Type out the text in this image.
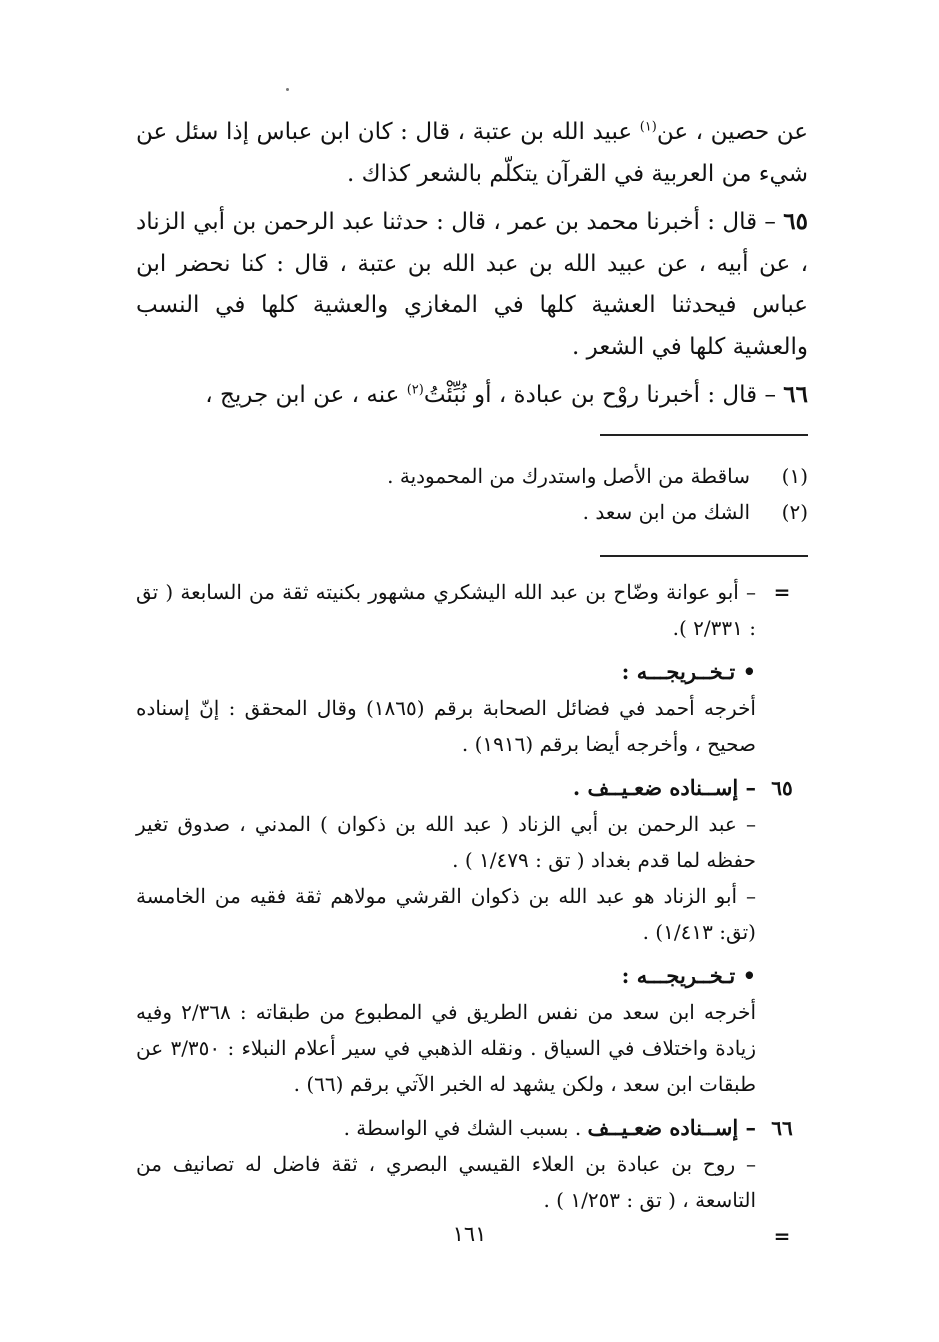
عن حصين ، عن$^{(١)}$ عبيد الله بن عتبة ، قال : كان ابن عباس إذا سئل عن شيء من العربية في القرآن يتكلّم بالشعر كذاك .

٦٥ – قال : أخبرنا محمد بن عمر ، قال : حدثنا عبد الرحمن بن أبي الزناد ، عن أبيه ، عن عبيد الله بن عبد الله بن عتبة ، قال : كنا نحضر ابن عباس فيحدثنا العشية كلها في المغازي والعشية كلها في النسب والعشية كلها في الشعر .

٦٦ – قال : أخبرنا روْح بن عبادة ، أو نُبِّئْتُ$^{(٢)}$ عنه ، عن ابن جريج ،

(١)
ساقطة من الأصل واستدرك من المحمودية .
(٢)
الشك من ابن سعد .
=
– أبو عوانة وضّاح بن عبد الله اليشكري مشهور بكنيته ثقة من السابعة ( تق : ٢/٣٣١ ).
• تـخــريجـــه :
أخرجه أحمد في فضائل الصحابة برقم (١٨٦٥) وقال المحقق : إنّ إسناده صحيح ، وأخرجه أيضا برقم (١٩١٦) .
٦٥
– إســناده ضعـيــف .
– عبد الرحمن بن أبي الزناد ( عبد الله بن ذكوان ) المدني ، صدوق تغير حفظه لما قدم بغداد ( تق : ١/٤٧٩ ) .
– أبو الزناد هو عبد الله بن ذكوان القرشي مولاهم ثقة فقيه من الخامسة (تق: ١/٤١٣) .
• تـخــريجـــه :
أخرجه ابن سعد من نفس الطريق في المطبوع من طبقاته : ٢/٣٦٨ وفيه زيادة واختلاف في السياق . ونقله الذهبي في سير أعلام النبلاء : ٣/٣٥٠ عن طبقات ابن سعد ، ولكن يشهد له الخبر الآتي برقم (٦٦) .
٦٦
– إســناده ضعـيــف . بسبب الشك في الواسطة .
– روح بن عبادة بن العلاء القيسي البصري ، ثقة فاضل له تصانيف من التاسعة ، ( تق : ١/٢٥٣ ) .
=
١٦١
